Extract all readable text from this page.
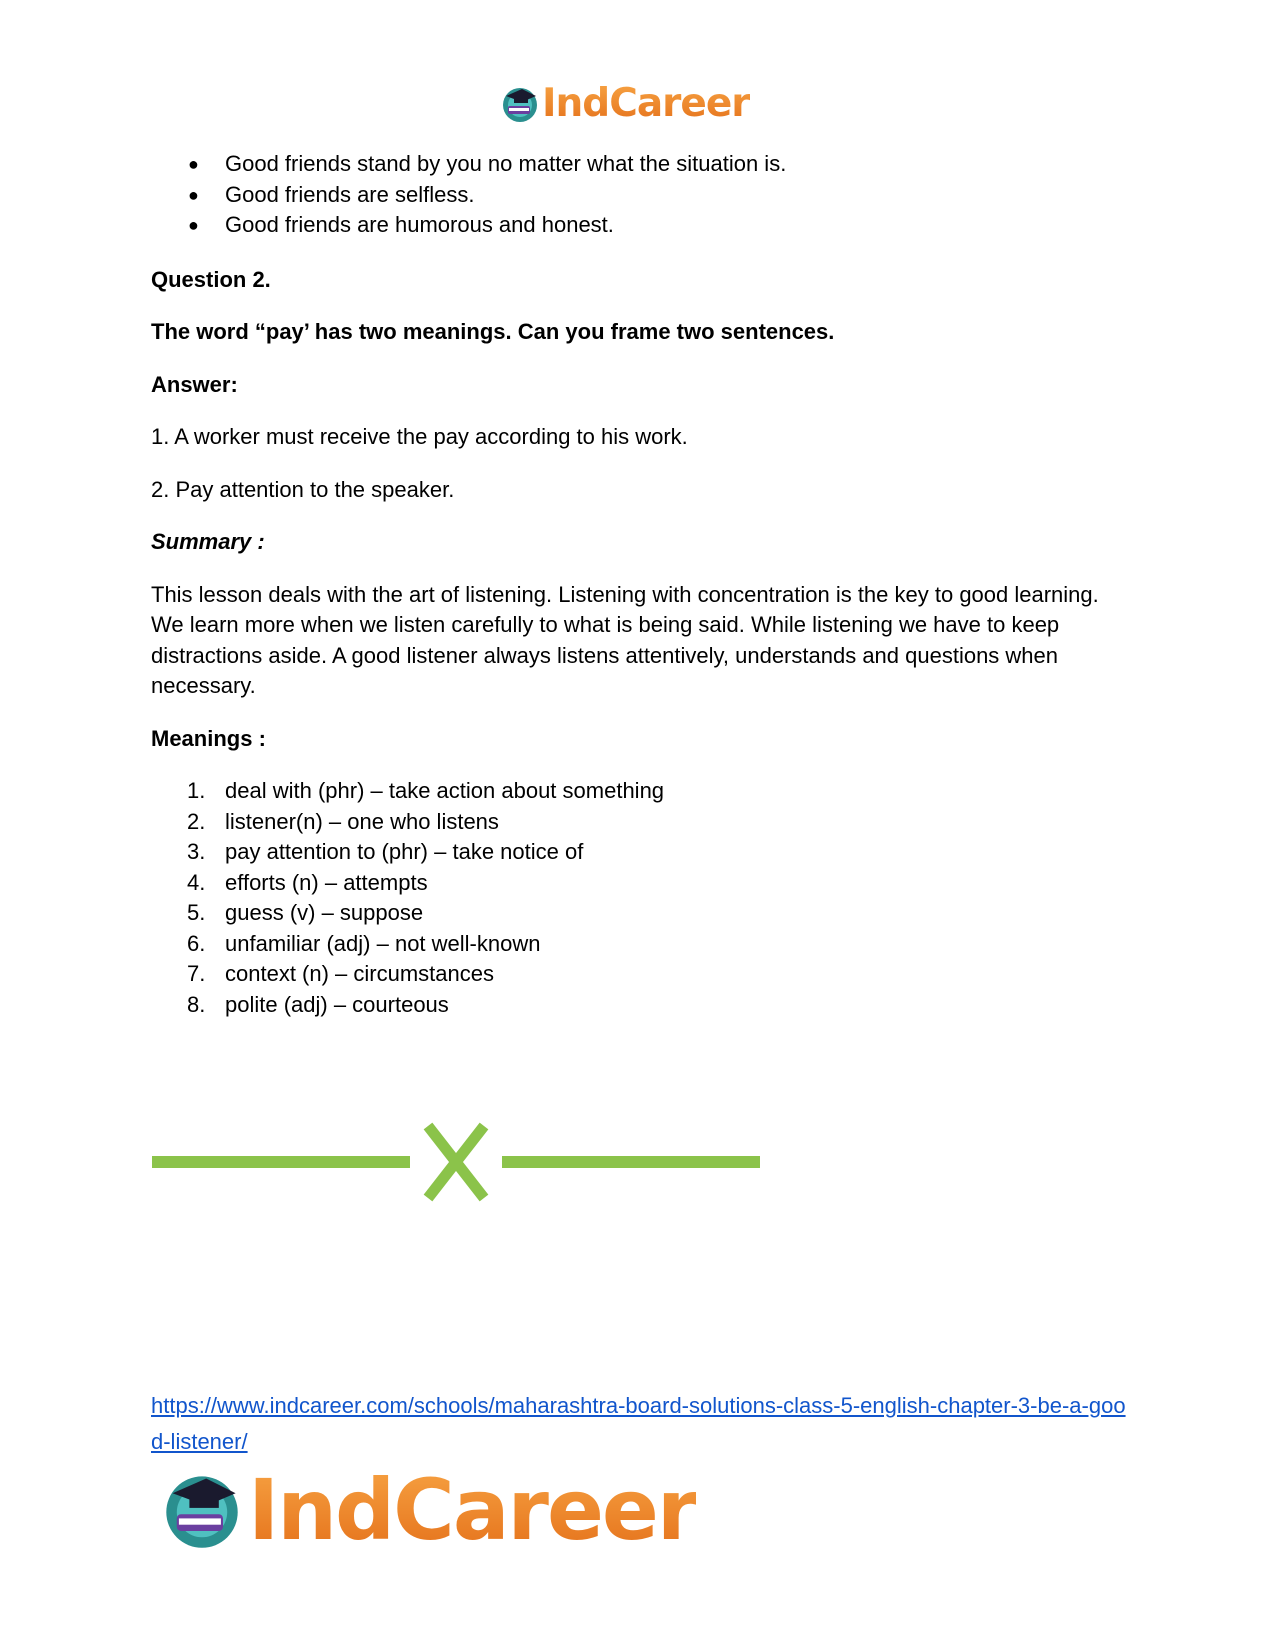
IndCareer
● Good friends stand by you no matter what the situation is.
● Good friends are selfless.
● Good friends are humorous and honest.

Question 2.

The word “pay’ has two meanings. Can you frame two sentences.

Answer:

1. A worker must receive the pay according to his work.

2. Pay attention to the speaker.

Summary :

This lesson deals with the art of listening. Listening with concentration is the key to good learning. We learn more when we listen carefully to what is being said. While listening we have to keep distractions aside. A good listener always listens attentively, understands and questions when necessary.

Meanings :

1. deal with (phr) – take action about something
2. listener(n) – one who listens
3. pay attention to (phr) – take notice of
4. efforts (n) – attempts
5. guess (v) – suppose
6. unfamiliar (adj) – not well-known
7. context (n) – circumstances
8. polite (adj) – courteous
https://www.indcareer.com/schools/maharashtra-board-solutions-class-5-english-chapter-3-be-a-good-listener/
IndCareer
